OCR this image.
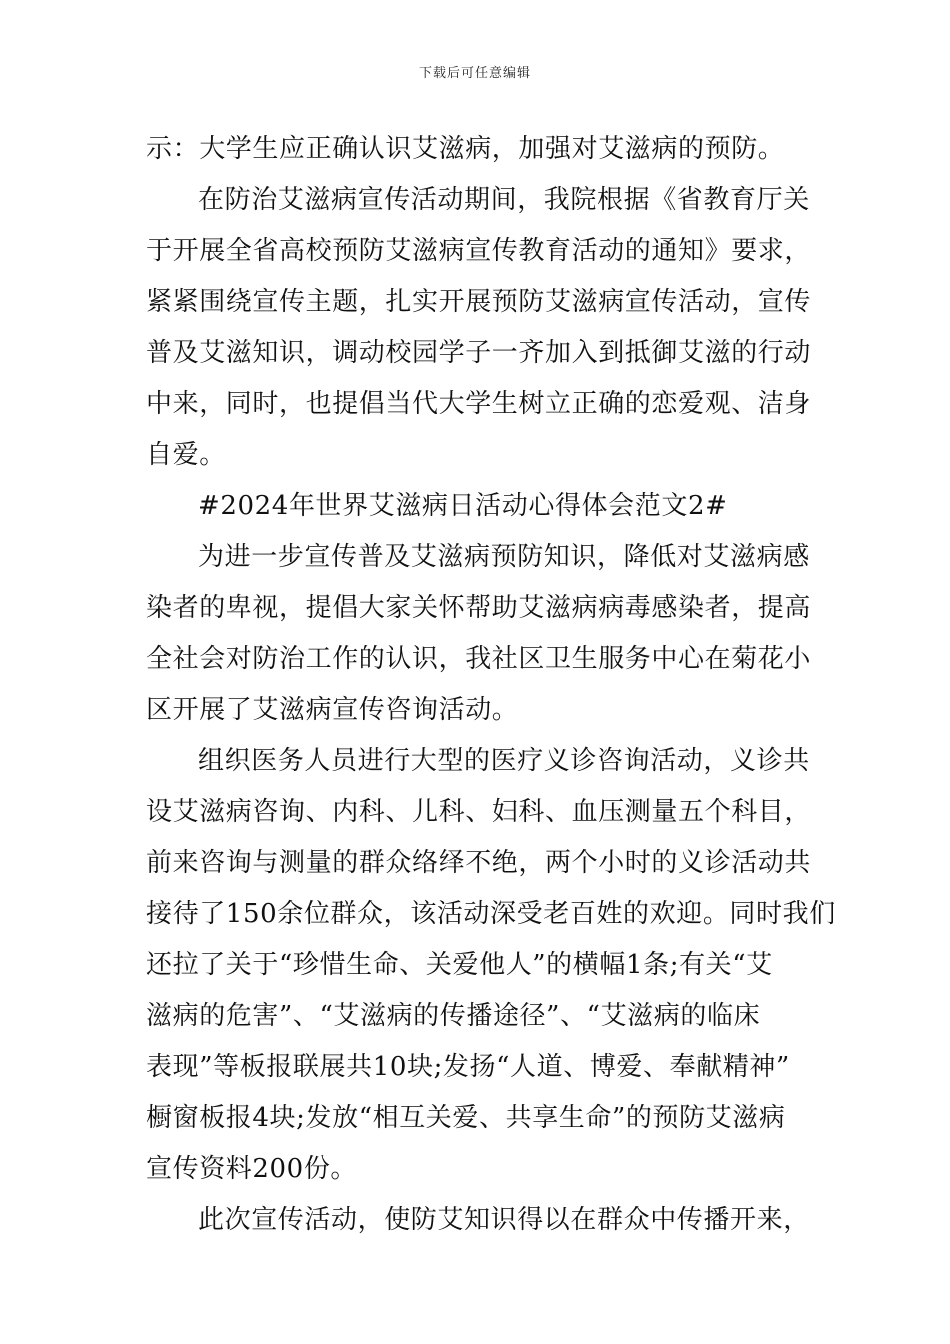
下载后可任意编辑
示：大学生应正确认识艾滋病，加强对艾滋病的预防。
在防治艾滋病宣传活动期间，我院根据《省教育厅关
于开展全省高校预防艾滋病宣传教育活动的通知》要求，
紧紧围绕宣传主题，扎实开展预防艾滋病宣传活动，宣传
普及艾滋知识，调动校园学子一齐加入到抵御艾滋的行动
中来，同时，也提倡当代大学生树立正确的恋爱观、洁身
自爱。
#2024年世界艾滋病日活动心得体会范文2#
为进一步宣传普及艾滋病预防知识，降低对艾滋病感
染者的卑视，提倡大家关怀帮助艾滋病病毒感染者，提高
全社会对防治工作的认识，我社区卫生服务中心在菊花小
区开展了艾滋病宣传咨询活动。
组织医务人员进行大型的医疗义诊咨询活动，义诊共
设艾滋病咨询、内科、儿科、妇科、血压测量五个科目，
前来咨询与测量的群众络绎不绝，两个小时的义诊活动共
接待了150余位群众，该活动深受老百姓的欢迎。同时我们
还拉了关于“珍惜生命、关爱他人”的横幅1条;有关“艾
滋病的危害”、“艾滋病的传播途径”、“艾滋病的临床
表现”等板报联展共10块;发扬“人道、博爱、奉献精神”
橱窗板报4块;发放“相互关爱、共享生命”的预防艾滋病
宣传资料200份。
此次宣传活动，使防艾知识得以在群众中传播开来，
